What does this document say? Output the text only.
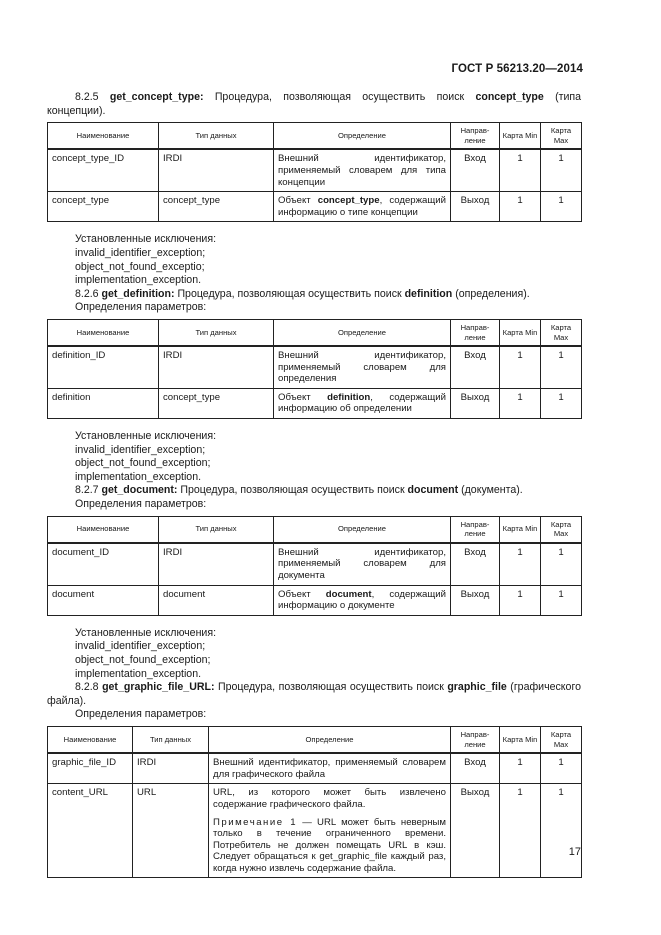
ГОСТ Р 56213.20—2014

8.2.5 get_concept_type: Процедура, позволяющая осуществить поиск concept_type (типа концепции).

Наименование	Тип данных	Определение	Направ-ление	Карта Min	Карта Max
concept_type_ID	IRDI	Внешний идентификатор, применяемый словарем для типа концепции	Вход	1	1
concept_type	concept_type	Объект concept_type, содержащий информацию о типе концепции	Выход	1	1

Установленные исключения:

invalid_identifier_exception;

object_not_found_exceptio;

implementation_exception.

8.2.6 get_definition: Процедура, позволяющая осуществить поиск definition (определения).

Определения параметров:

Наименование	Тип данных	Определение	Направ-ление	Карта Min	Карта Max
definition_ID	IRDI	Внешний идентификатор, применяемый словарем для определения	Вход	1	1
definition	concept_type	Объект definition, содержащий информацию об определении	Выход	1	1

Установленные исключения:

invalid_identifier_exception;

object_not_found_exception;

implementation_exception.

8.2.7 get_document: Процедура, позволяющая осуществить поиск document (документа).

Определения параметров:

Наименование	Тип данных	Определение	Направ-ление	Карта Min	Карта Max
document_ID	IRDI	Внешний идентификатор, применяемый словарем для документа	Вход	1	1
document	document	Объект document, содержащий информацию о документе	Выход	1	1

Установленные исключения:

invalid_identifier_exception;

object_not_found_exception;

implementation_exception.

8.2.8 get_graphic_file_URL: Процедура, позволяющая осуществить поиск graphic_file (графического файла).

Определения параметров:

Наименование	Тип данных	Определение	Направ-ление	Карта Min	Карта Max
graphic_file_ID	IRDI	Внешний идентификатор, применяемый словарем для графического файла	Вход	1	1
content_URL	URL	URL, из которого может быть извлечено содержание графического файла.
Примечание 1 — URL может быть неверным только в течение ограниченного времени. Потребитель не должен помещать URL в кэш. Следует обращаться к get_graphic_file каждый раз, когда нужно извлечь содержание файла.	Выход	1	1
17
